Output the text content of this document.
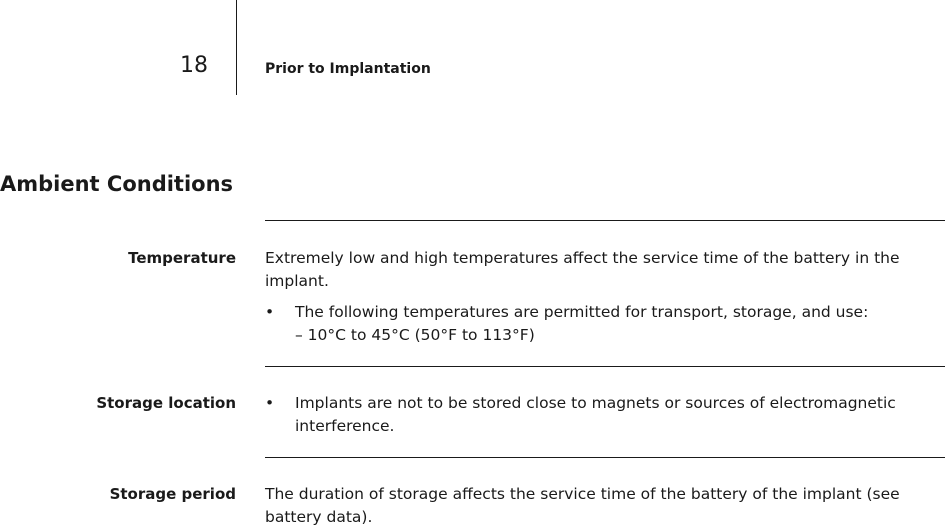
18	Prior to Implantation
Ambient Conditions
Temperature Extremely low and high temperatures affect the service time of the battery in the implant.

• The following temperatures are permitted for transport, storage, and use:
– 10°C to 45°C (50°F to 113°F)
Storage location • Implants are not to be stored close to magnets or sources of electromagnetic interference.
Storage period The duration of storage affects the service time of the battery of the implant (see battery data).
